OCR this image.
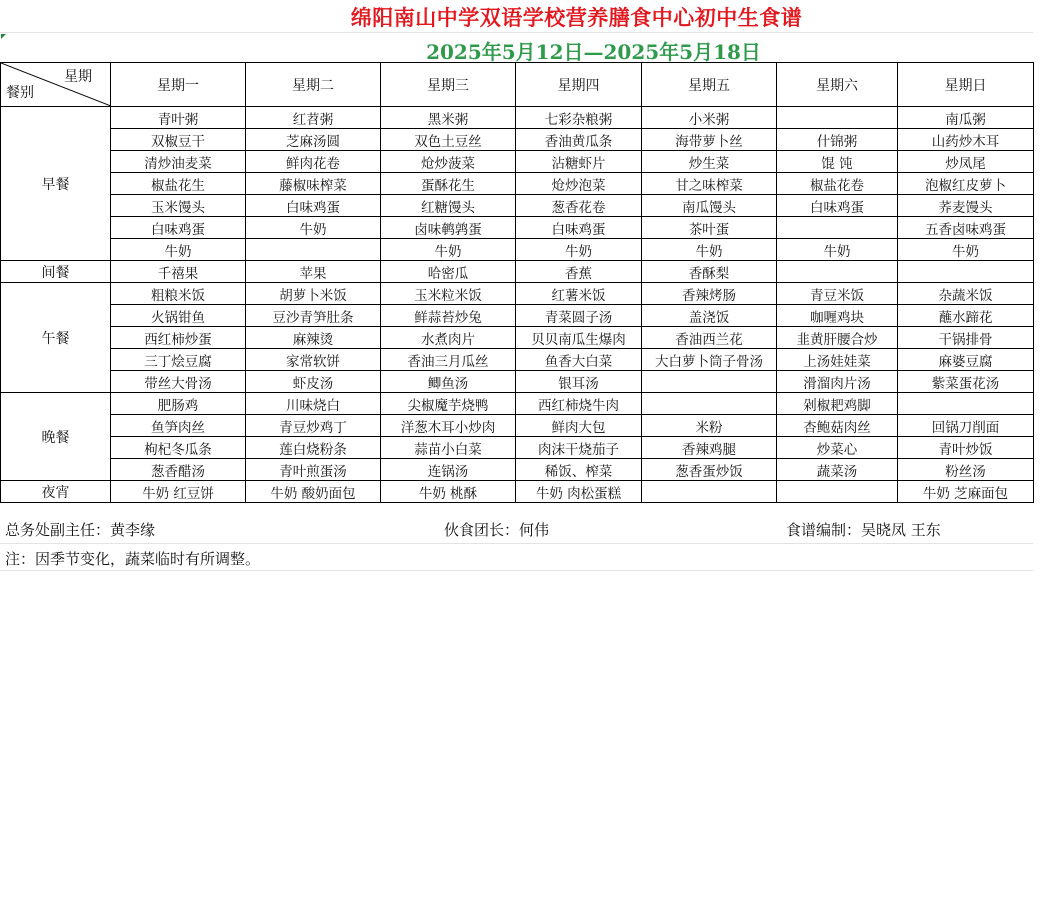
绵阳南山中学双语学校营养膳食中心初中生食谱
2025年5月12日—2025年5月18日
星期
餐别	星期一	星期二	星期三	星期四	星期五	星期六	星期日
早餐	青叶粥	红苕粥	黑米粥	七彩杂粮粥	小米粥		南瓜粥
	双椒豆干	芝麻汤圆	双色土豆丝	香油黄瓜条	海带萝卜丝	什锦粥	山药炒木耳
	清炒油麦菜	鲜肉花卷	炝炒菠菜	沾糖虾片	炒生菜	馄 饨	炒凤尾
	椒盐花生	藤椒味榨菜	蛋酥花生	炝炒泡菜	甘之味榨菜	椒盐花卷	泡椒红皮萝卜
	玉米馒头	白味鸡蛋	红糖馒头	葱香花卷	南瓜馒头	白味鸡蛋	荞麦馒头
	白味鸡蛋	牛奶	卤味鹌鹑蛋	白味鸡蛋	茶叶蛋		五香卤味鸡蛋
	牛奶		牛奶	牛奶	牛奶	牛奶	牛奶
间餐	千禧果	苹果	哈密瓜	香蕉	香酥梨		
午餐	粗粮米饭	胡萝卜米饭	玉米粒米饭	红薯米饭	香辣烤肠	青豆米饭	杂蔬米饭
	火锅钳鱼	豆沙青笋肚条	鲜蒜苔炒兔	青菜圆子汤	盖浇饭	咖喱鸡块	蘸水蹄花
	西红柿炒蛋	麻辣烫	水煮肉片	贝贝南瓜生爆肉	香油西兰花	韭黄肝腰合炒	干锅排骨
	三丁烩豆腐	家常软饼	香油三月瓜丝	鱼香大白菜	大白萝卜筒子骨汤	上汤娃娃菜	麻婆豆腐
	带丝大骨汤	虾皮汤	鲫鱼汤	银耳汤		滑溜肉片汤	紫菜蛋花汤
晚餐	肥肠鸡	川味烧白	尖椒魔芋烧鸭	西红柿烧牛肉		剁椒耙鸡脚	
	鱼笋肉丝	青豆炒鸡丁	洋葱木耳小炒肉	鲜肉大包	米粉	杏鲍菇肉丝	回锅刀削面
	枸杞冬瓜条	莲白烧粉条	蒜苗小白菜	肉沫干烧茄子	香辣鸡腿	炒菜心	青叶炒饭
	葱香醋汤	青叶煎蛋汤	连锅汤	稀饭、榨菜	葱香蛋炒饭	蔬菜汤	粉丝汤
夜宵	牛奶 红豆饼	牛奶 酸奶面包	牛奶 桃酥	牛奶 肉松蛋糕			牛奶 芝麻面包
总务处副主任：黄李缘	伙食团长：何伟	食谱编制：吴晓凤 王东
注：因季节变化，蔬菜临时有所调整。
